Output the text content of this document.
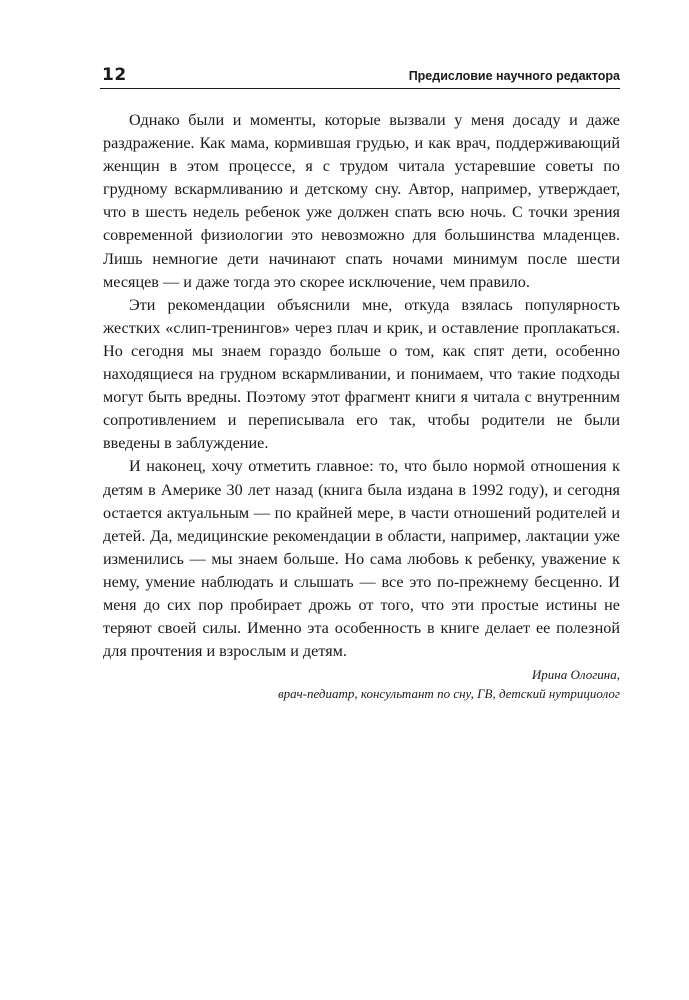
12	Предисловие научного редактора

Однако были и моменты, которые вызвали у меня досаду и даже раздражение. Как мама, кормившая грудью, и как врач, поддерживающий женщин в этом процессе, я с трудом читала устаревшие советы по грудному вскармливанию и детскому сну. Автор, например, утверждает, что в шесть недель ребенок уже должен спать всю ночь. С точки зрения современной физиологии это невозможно для большинства младенцев. Лишь немногие дети начинают спать ночами минимум после шести месяцев — и даже тогда это скорее исключение, чем правило.

Эти рекомендации объяснили мне, откуда взялась популярность жестких «слип-тренингов» через плач и крик, и оставление проплакаться. Но сегодня мы знаем гораздо больше о том, как спят дети, особенно находящиеся на грудном вскармливании, и понимаем, что такие подходы могут быть вредны. Поэтому этот фрагмент книги я читала с внутренним сопротивлением и переписывала его так, чтобы родители не были введены в заблуждение.

И наконец, хочу отметить главное: то, что было нормой отношения к детям в Америке 30 лет назад (книга была издана в 1992 году), и сегодня остается актуальным — по крайней мере, в части отношений родителей и детей. Да, медицинские рекомендации в области, например, лактации уже изменились — мы знаем больше. Но сама любовь к ребенку, уважение к нему, умение наблюдать и слышать — все это по-прежнему бесценно. И меня до сих пор пробирает дрожь от того, что эти простые истины не теряют своей силы. Именно эта особенность в книге делает ее полезной для прочтения и взрослым и детям.

Ирина Ологина,
врач-педиатр, консультант по сну, ГВ, детский нутрициолог
